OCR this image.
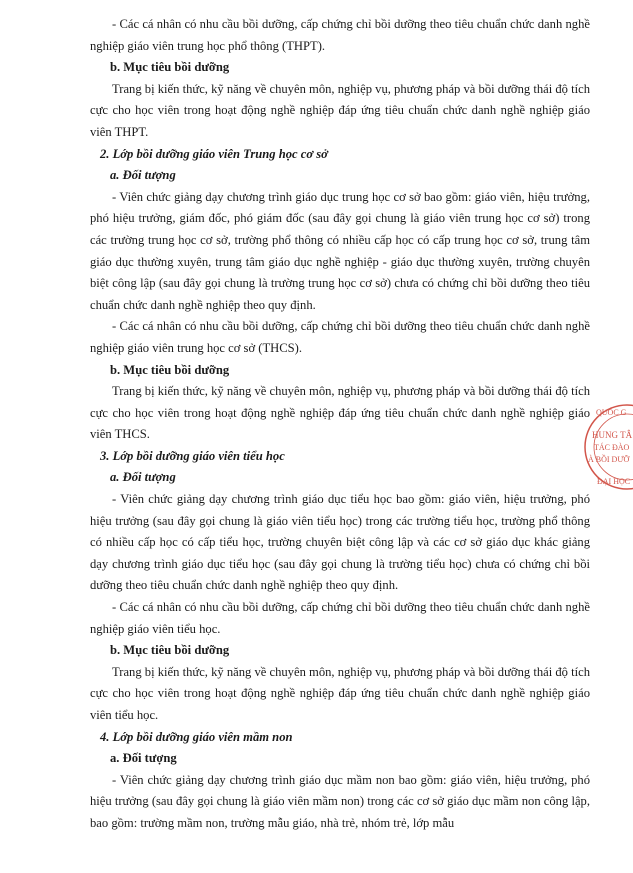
- Các cá nhân có nhu cầu bồi dưỡng, cấp chứng chỉ bồi dưỡng theo tiêu chuẩn chức danh nghề nghiệp giáo viên trung học phổ thông (THPT).

b. Mục tiêu bồi dưỡng

Trang bị kiến thức, kỹ năng về chuyên môn, nghiệp vụ, phương pháp và bồi dưỡng thái độ tích cực cho học viên trong hoạt động nghề nghiệp đáp ứng tiêu chuẩn chức danh nghề nghiệp giáo viên THPT.

2. Lớp bồi dưỡng giáo viên Trung học cơ sở

a. Đối tượng

- Viên chức giảng dạy chương trình giáo dục trung học cơ sở bao gồm: giáo viên, hiệu trưởng, phó hiệu trưởng, giám đốc, phó giám đốc (sau đây gọi chung là giáo viên trung học cơ sở) trong các trường trung học cơ sở, trường phổ thông có nhiều cấp học có cấp trung học cơ sở, trung tâm giáo dục thường xuyên, trung tâm giáo dục nghề nghiệp - giáo dục thường xuyên, trường chuyên biệt công lập (sau đây gọi chung là trường trung học cơ sở) chưa có chứng chỉ bồi dưỡng theo tiêu chuẩn chức danh nghề nghiệp theo quy định.

- Các cá nhân có nhu cầu bồi dưỡng, cấp chứng chỉ bồi dưỡng theo tiêu chuẩn chức danh nghề nghiệp giáo viên trung học cơ sở (THCS).

b. Mục tiêu bồi dưỡng

Trang bị kiến thức, kỹ năng về chuyên môn, nghiệp vụ, phương pháp và bồi dưỡng thái độ tích cực cho học viên trong hoạt động nghề nghiệp đáp ứng tiêu chuẩn chức danh nghề nghiệp giáo viên THCS.

3. Lớp bồi dưỡng giáo viên tiểu học

a. Đối tượng

- Viên chức giảng dạy chương trình giáo dục tiểu học bao gồm: giáo viên, hiệu trưởng, phó hiệu trưởng (sau đây gọi chung là giáo viên tiểu học) trong các trường tiểu học, trường phổ thông có nhiều cấp học có cấp tiểu học, trường chuyên biệt công lập và các cơ sở giáo dục khác giảng dạy chương trình giáo dục tiểu học (sau đây gọi chung là trường tiểu học) chưa có chứng chỉ bồi dưỡng theo tiêu chuẩn chức danh nghề nghiệp theo quy định.

- Các cá nhân có nhu cầu bồi dưỡng, cấp chứng chỉ bồi dưỡng theo tiêu chuẩn chức danh nghề nghiệp giáo viên tiểu học.

b. Mục tiêu bồi dưỡng

Trang bị kiến thức, kỹ năng về chuyên môn, nghiệp vụ, phương pháp và bồi dưỡng thái độ tích cực cho học viên trong hoạt động nghề nghiệp đáp ứng tiêu chuẩn chức danh nghề nghiệp giáo viên tiểu học.

4. Lớp bồi dưỡng giáo viên mầm non

a. Đối tượng

- Viên chức giảng dạy chương trình giáo dục mầm non bao gồm: giáo viên, hiệu trưởng, phó hiệu trưởng (sau đây gọi chung là giáo viên mầm non) trong các cơ sở giáo dục mầm non công lập, bao gồm: trường mầm non, trường mẫu giáo, nhà trẻ, nhóm trẻ, lớp mẫu

QUỐC G
HUNG TÂ
TÁC ĐÀO
À BỒI DƯỠ
ĐẠI HỌC
